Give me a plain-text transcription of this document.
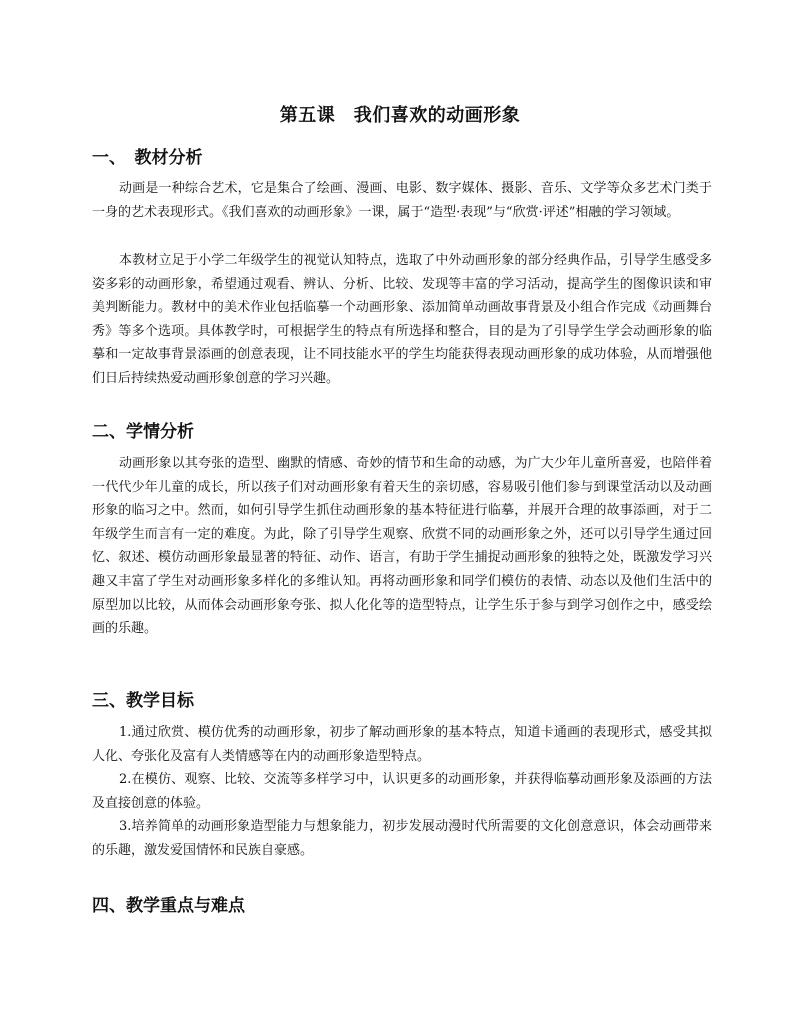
第五课　我们喜欢的动画形象
一、　教材分析

动画是一种综合艺术，它是集合了绘画、漫画、电影、数字媒体、摄影、音乐、文学等众多艺术门类于一身的艺术表现形式。《我们喜欢的动画形象》一课，属于“造型·表现”与“欣赏·评述”相融的学习领域。

本教材立足于小学二年级学生的视觉认知特点，选取了中外动画形象的部分经典作品，引导学生感受多姿多彩的动画形象，希望通过观看、辨认、分析、比较、发现等丰富的学习活动，提高学生的图像识读和审美判断能力。教材中的美术作业包括临摹一个动画形象、添加简单动画故事背景及小组合作完成《动画舞台秀》等多个选项。具体教学时，可根据学生的特点有所选择和整合，目的是为了引导学生学会动画形象的临摹和一定故事背景添画的创意表现，让不同技能水平的学生均能获得表现动画形象的成功体验，从而增强他们日后持续热爱动画形象创意的学习兴趣。

二、学情分析

动画形象以其夸张的造型、幽默的情感、奇妙的情节和生命的动感，为广大少年儿童所喜爱，也陪伴着一代代少年儿童的成长，所以孩子们对动画形象有着天生的亲切感，容易吸引他们参与到课堂活动以及动画形象的临习之中。然而，如何引导学生抓住动画形象的基本特征进行临摹，并展开合理的故事添画，对于二年级学生而言有一定的难度。为此，除了引导学生观察、欣赏不同的动画形象之外，还可以引导学生通过回忆、叙述、模仿动画形象最显著的特征、动作、语言，有助于学生捕捉动画形象的独特之处，既激发学习兴趣又丰富了学生对动画形象多样化的多维认知。再将动画形象和同学们模仿的表情、动态以及他们生活中的原型加以比较，从而体会动画形象夸张、拟人化化等的造型特点，让学生乐于参与到学习创作之中，感受绘画的乐趣。

三、教学目标

1.通过欣赏、模仿优秀的动画形象，初步了解动画形象的基本特点，知道卡通画的表现形式，感受其拟人化、夸张化及富有人类情感等在内的动画形象造型特点。

2.在模仿、观察、比较、交流等多样学习中，认识更多的动画形象，并获得临摹动画形象及添画的方法及直接创意的体验。

3.培养简单的动画形象造型能力与想象能力，初步发展动漫时代所需要的文化创意意识，体会动画带来的乐趣，激发爱国情怀和民族自豪感。

四、教学重点与难点
